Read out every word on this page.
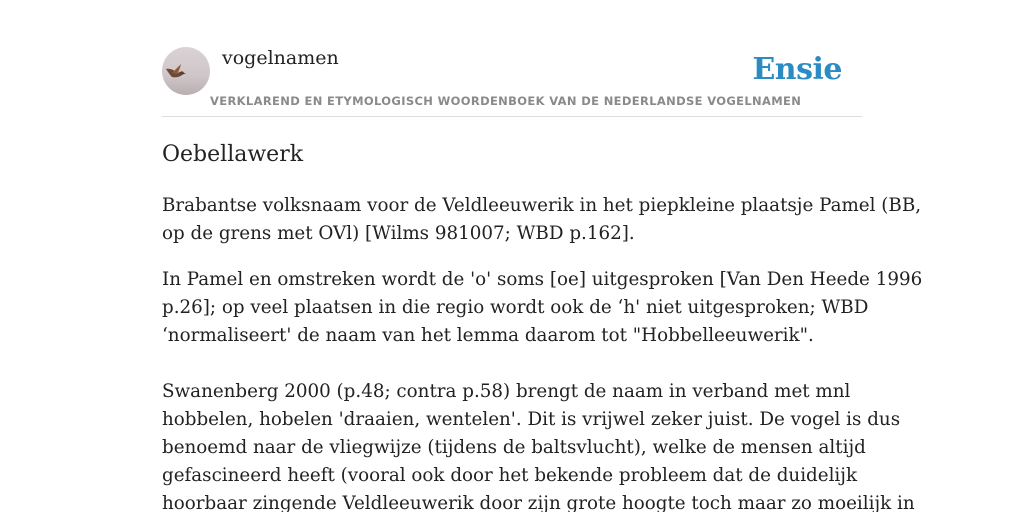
vogelnamen
VERKLAREND EN ETYMOLOGISCH WOORDENBOEK VAN DE NEDERLANDSE VOGELNAMEN
Ensie
Oebellawerk

Brabantse volksnaam voor de Veldleeuwerik in het piepkleine plaatsje Pamel (BB,
op de grens met OVl) [Wilms 981007; WBD p.162].

In Pamel en omstreken wordt de 'o' soms [oe] uitgesproken [Van Den Heede 1996
p.26]; op veel plaatsen in die regio wordt ook de ‘h' niet uitgesproken; WBD
‘normaliseert' de naam van het lemma daarom tot "Hobbelleeuwerik".

Swanenberg 2000 (p.48; contra p.58) brengt de naam in verband met mnl
hobbelen, hobelen 'draaien, wentelen'. Dit is vrijwel zeker juist. De vogel is dus
benoemd naar de vliegwijze (tijdens de baltsvlucht), welke de mensen altijd
gefascineerd heeft (vooral ook door het bekende probleem dat de duidelijk
hoorbaar zingende Veldleeuwerik door zijn grote hoogte toch maar zo moeilijk in
